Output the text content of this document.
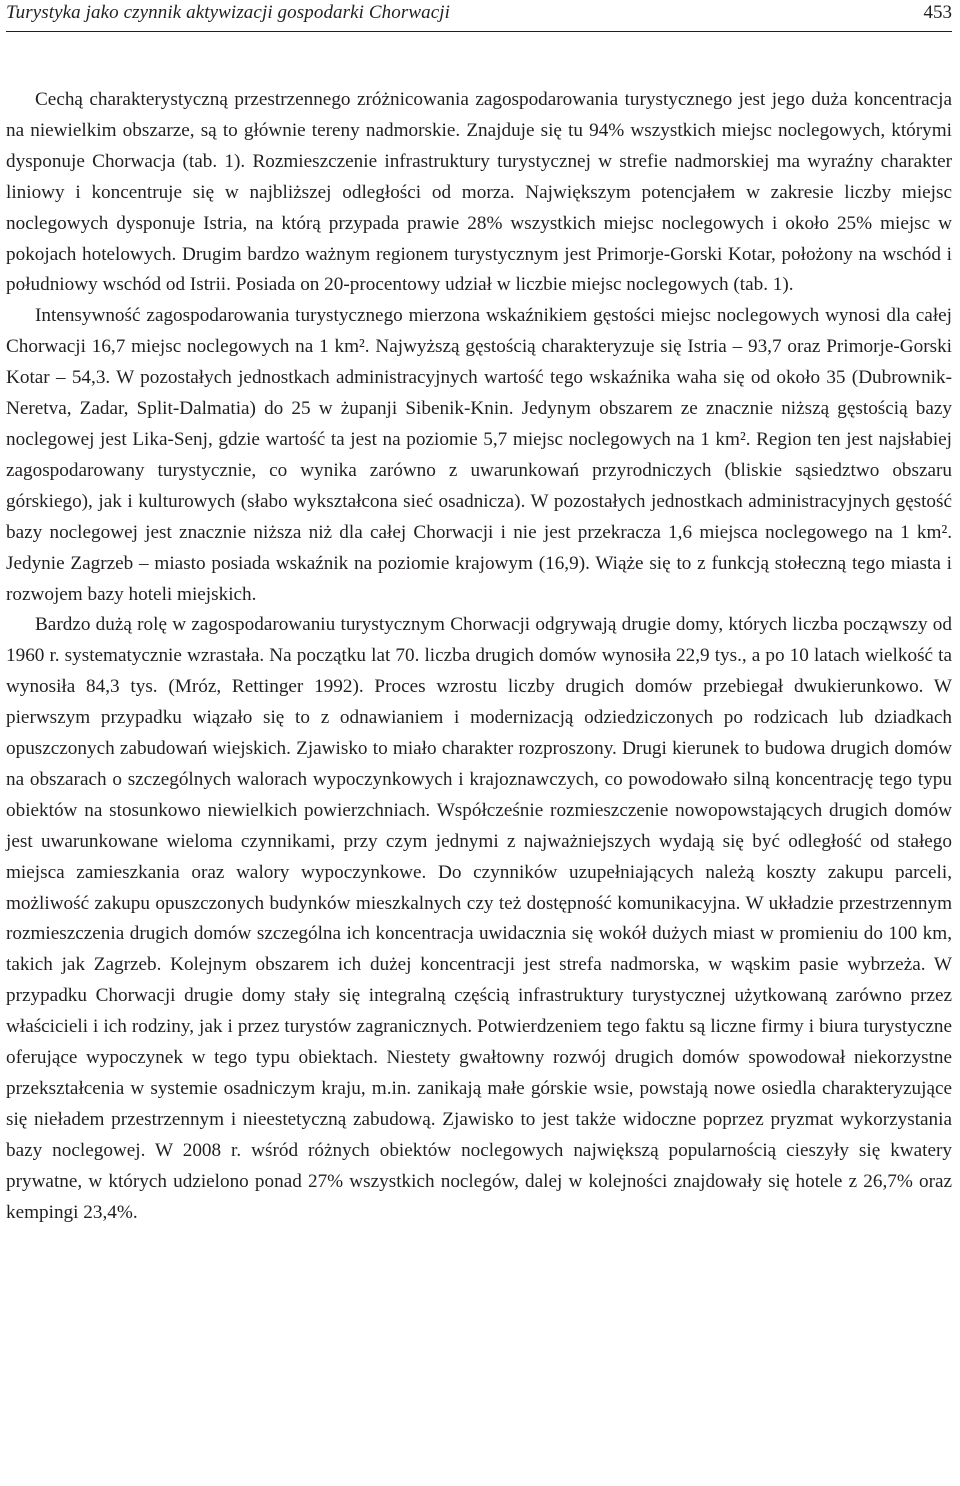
Turystyka jako czynnik aktywizacji gospodarki Chorwacji	453

Cechą charakterystyczną przestrzennego zróżnicowania zagospodarowania turystycznego jest jego duża koncentracja na niewielkim obszarze, są to głównie tereny nadmorskie. Znajduje się tu 94% wszystkich miejsc noclegowych, którymi dysponuje Chorwacja (tab. 1). Rozmieszczenie infrastruktury turystycznej w strefie nadmorskiej ma wyraźny charakter liniowy i koncentruje się w najbliższej odległości od morza. Największym potencjałem w zakresie liczby miejsc noclegowych dysponuje Istria, na którą przypada prawie 28% wszystkich miejsc noclegowych i około 25% miejsc w pokojach hotelowych. Drugim bardzo ważnym regionem turystycznym jest Primorje-Gorski Kotar, położony na wschód i południowy wschód od Istrii. Posiada on 20-procentowy udział w liczbie miejsc noclegowych (tab. 1).

Intensywność zagospodarowania turystycznego mierzona wskaźnikiem gęstości miejsc noclegowych wynosi dla całej Chorwacji 16,7 miejsc noclegowych na 1 km². Najwyższą gęstością charakteryzuje się Istria – 93,7 oraz Primorje-Gorski Kotar – 54,3. W pozostałych jednostkach administracyjnych wartość tego wskaźnika waha się od około 35 (Dubrownik-Neretva, Zadar, Split-Dalmatia) do 25 w żupanji Sibenik-Knin. Jedynym obszarem ze znacznie niższą gęstością bazy noclegowej jest Lika-Senj, gdzie wartość ta jest na poziomie 5,7 miejsc noclegowych na 1 km². Region ten jest najsłabiej zagospodarowany turystycznie, co wynika zarówno z uwarunkowań przyrodniczych (bliskie sąsiedztwo obszaru górskiego), jak i kulturowych (słabo wykształcona sieć osadnicza). W pozostałych jednostkach administracyjnych gęstość bazy noclegowej jest znacznie niższa niż dla całej Chorwacji i nie jest przekracza 1,6 miejsca noclegowego na 1 km². Jedynie Zagrzeb – miasto posiada wskaźnik na poziomie krajowym (16,9). Wiąże się to z funkcją stołeczną tego miasta i rozwojem bazy hoteli miejskich.

Bardzo dużą rolę w zagospodarowaniu turystycznym Chorwacji odgrywają drugie domy, których liczba począwszy od 1960 r. systematycznie wzrastała. Na początku lat 70. liczba drugich domów wynosiła 22,9 tys., a po 10 latach wielkość ta wynosiła 84,3 tys. (Mróz, Rettinger 1992). Proces wzrostu liczby drugich domów przebiegał dwukierunkowo. W pierwszym przypadku wiązało się to z odnawianiem i modernizacją odziedziczonych po rodzicach lub dziadkach opuszczonych zabudowań wiejskich. Zjawisko to miało charakter rozproszony. Drugi kierunek to budowa drugich domów na obszarach o szczególnych walorach wypoczynkowych i krajoznawczych, co powodowało silną koncentrację tego typu obiektów na stosunkowo niewielkich powierzchniach. Współcześnie rozmieszczenie nowopowstających drugich domów jest uwarunkowane wieloma czynnikami, przy czym jednymi z najważniejszych wydają się być odległość od stałego miejsca zamieszkania oraz walory wypoczynkowe. Do czynników uzupełniających należą koszty zakupu parceli, możliwość zakupu opuszczonych budynków mieszkalnych czy też dostępność komunikacyjna. W układzie przestrzennym rozmieszczenia drugich domów szczególna ich koncentracja uwidacznia się wokół dużych miast w promieniu do 100 km, takich jak Zagrzeb. Kolejnym obszarem ich dużej koncentracji jest strefa nadmorska, w wąskim pasie wybrzeża. W przypadku Chorwacji drugie domy stały się integralną częścią infrastruktury turystycznej użytkowaną zarówno przez właścicieli i ich rodziny, jak i przez turystów zagranicznych. Potwierdzeniem tego faktu są liczne firmy i biura turystyczne oferujące wypoczynek w tego typu obiektach. Niestety gwałtowny rozwój drugich domów spowodował niekorzystne przekształcenia w systemie osadniczym kraju, m.in. zanikają małe górskie wsie, powstają nowe osiedla charakteryzujące się nieładem przestrzennym i nieestetyczną zabudową. Zjawisko to jest także widoczne poprzez pryzmat wykorzystania bazy noclegowej. W 2008 r. wśród różnych obiektów noclegowych największą popularnością cieszyły się kwatery prywatne, w których udzielono ponad 27% wszystkich noclegów, dalej w kolejności znajdowały się hotele z 26,7% oraz kempingi 23,4%.
